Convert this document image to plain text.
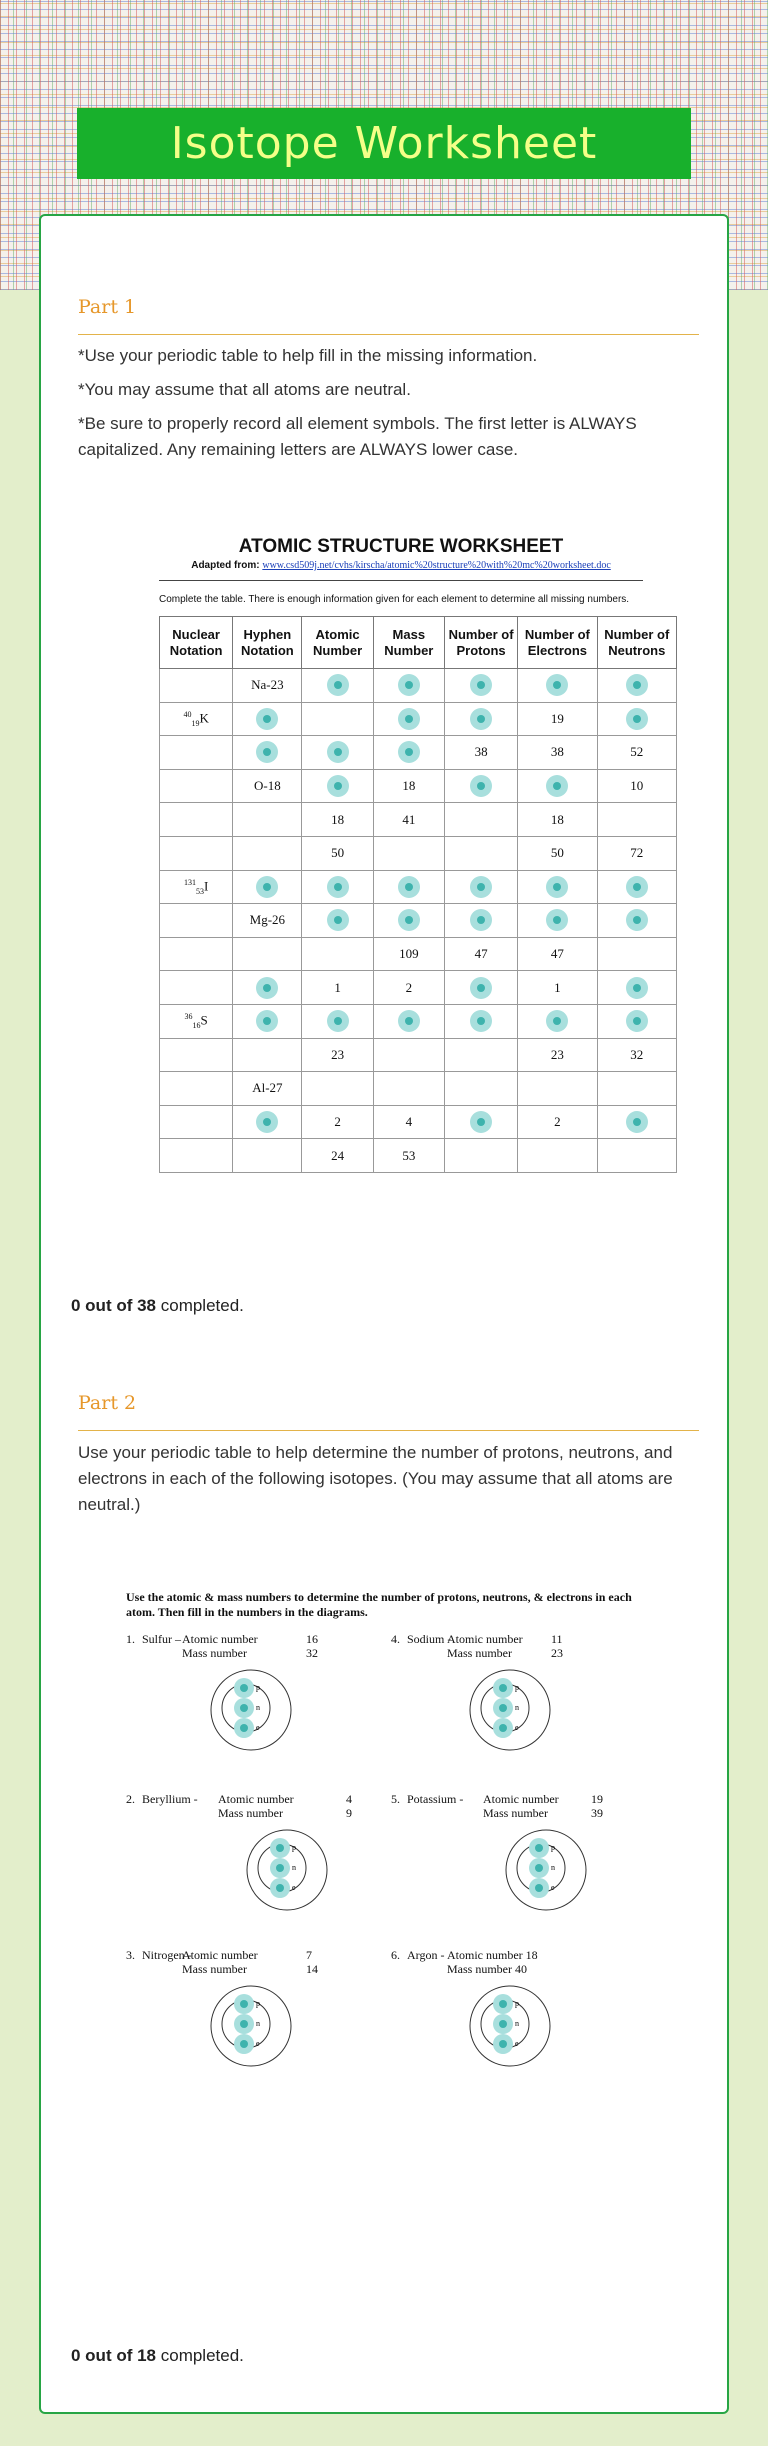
Isotope Worksheet
Part 1
*Use your periodic table to help fill in the missing information.
*You may assume that all atoms are neutral.
*Be sure to properly record all element symbols. The first letter is ALWAYS capitalized. Any remaining letters are ALWAYS lower case.
ATOMIC STRUCTURE WORKSHEET
Adapted from: www.csd509j.net/cvhs/kirscha/atomic%20structure%20with%20mc%20worksheet.doc
Complete the table. There is enough information given for each element to determine all missing numbers.
Nuclear Notation	Hyphen Notation	Atomic Number	Mass Number	Number of Protons	Number of Electrons	Number of Neutrons
	Na-23					
$^{40}_{19}$K					19	
				38	38	52
	O-18		18			10
		18	41		18	
		50			50	72
$^{131}_{53}$I						
	Mg-26					
			109	47	47	
		1	2		1	
$^{36}_{16}$S						
		23			23	32
	Al-27					
		2	4		2	
		24	53			
0 out of 38 completed.
Part 2
Use your periodic table to help determine the number of protons, neutrons, and electrons in each of the following isotopes. (You may assume that all atoms are neutral.)
Use the atomic & mass numbers to determine the number of protons, neutrons, & electrons in each atom. Then fill in the numbers in the diagrams.
1. Sulfur – Atomic number	16
Mass number	32
p
n
e
4. Sodium -
Atomic number 11
Mass number	23
p
n
e
2. Beryllium - Atomic number	4
Mass number	9
p
n
e
5. Potassium - Atomic number	19
Mass number	39
p
n
e
3. Nitrogen -
Atomic number	7
Mass number	14
p
n
e
6. Argon - Atomic number 18
Mass number 40
p
n
e
0 out of 18 completed.
